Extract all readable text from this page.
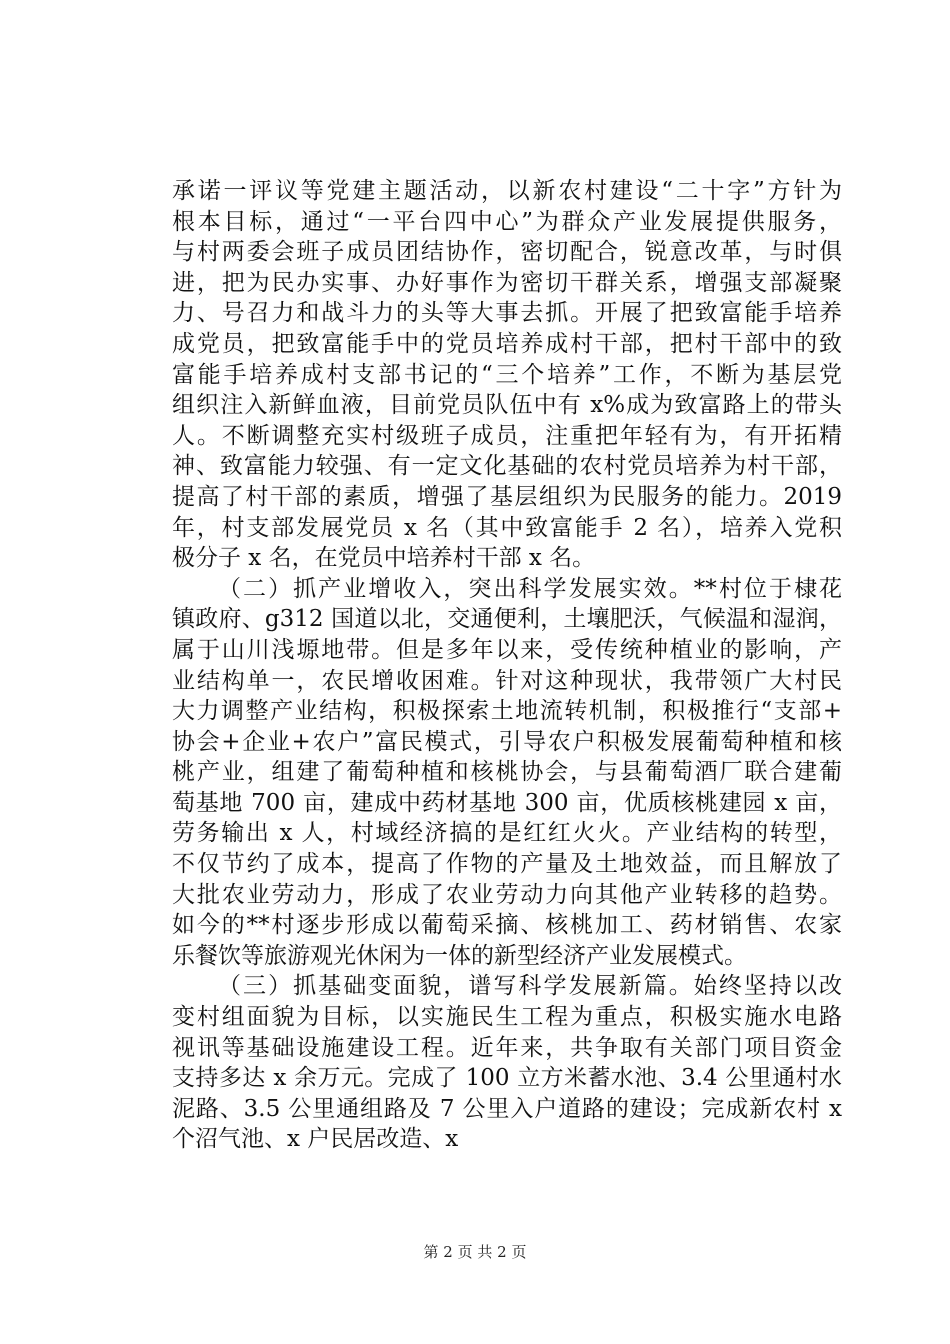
承诺一评议等党建主题活动，以新农村建设“二十字”方针为
根本目标，通过“一平台四中心”为群众产业发展提供服务，
与村两委会班子成员团结协作，密切配合，锐意改革，与时俱
进，把为民办实事、办好事作为密切干群关系，增强支部凝聚
力、号召力和战斗力的头等大事去抓。开展了把致富能手培养
成党员，把致富能手中的党员培养成村干部，把村干部中的致
富能手培养成村支部书记的“三个培养”工作，不断为基层党
组织注入新鲜血液，目前党员队伍中有 x%成为致富路上的带头
人。不断调整充实村级班子成员，注重把年轻有为，有开拓精
神、致富能力较强、有一定文化基础的农村党员培养为村干部，
提高了村干部的素质，增强了基层组织为民服务的能力。2019
年，村支部发展党员 x 名（其中致富能手 2 名），培养入党积
极分子 x 名，在党员中培养村干部 x 名。
（二）抓产业增收入，突出科学发展实效。**村位于棣花
镇政府、g312 国道以北，交通便利，土壤肥沃，气候温和湿润，
属于山川浅塬地带。但是多年以来，受传统种植业的影响，产
业结构单一，农民增收困难。针对这种现状，我带领广大村民
大力调整产业结构，积极探索土地流转机制，积极推行“支部+
协会+企业+农户”富民模式，引导农户积极发展葡萄种植和核
桃产业，组建了葡萄种植和核桃协会，与县葡萄酒厂联合建葡
萄基地 700 亩，建成中药材基地 300 亩，优质核桃建园 x 亩，
劳务输出 x 人，村域经济搞的是红红火火。产业结构的转型，
不仅节约了成本，提高了作物的产量及土地效益，而且解放了
大批农业劳动力，形成了农业劳动力向其他产业转移的趋势。
如今的**村逐步形成以葡萄采摘、核桃加工、药材销售、农家
乐餐饮等旅游观光休闲为一体的新型经济产业发展模式。
（三）抓基础变面貌，谱写科学发展新篇。始终坚持以改
变村组面貌为目标，以实施民生工程为重点，积极实施水电路
视讯等基础设施建设工程。近年来，共争取有关部门项目资金
支持多达 x 余万元。完成了 100 立方米蓄水池、3.4 公里通村水
泥路、3.5 公里通组路及 7 公里入户道路的建设；完成新农村 x
个沼气池、x 户民居改造、x
第 2 页 共 2 页
